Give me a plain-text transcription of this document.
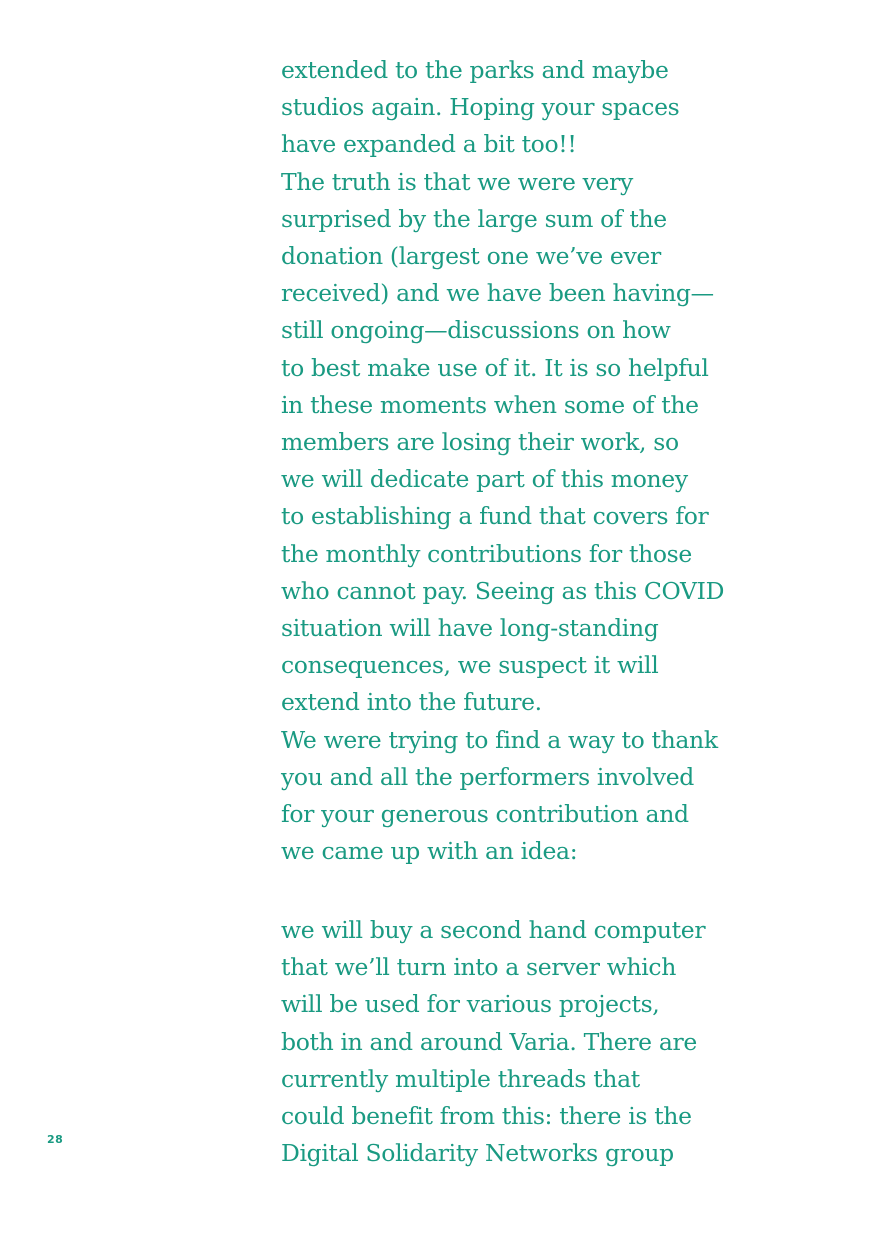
extended to the parks and maybe
studios again. Hoping your spaces
have expanded a bit too!!
The truth is that we were very
surprised by the large sum of the
donation (largest one we’ve ever
received) and we have been having—
still ongoing—discussions on how
to best make use of it. It is so helpful
in these moments when some of the
members are losing their work, so
we will dedicate part of this money
to establishing a fund that covers for
the monthly contributions for those
who cannot pay. Seeing as this COVID
situation will have long-standing
consequences, we suspect it will
extend into the future.
We were trying to find a way to thank
you and all the performers involved
for your generous contribution and
we came up with an idea:
we will buy a second hand computer
that we’ll turn into a server which
will be used for various projects,
both in and around Varia. There are
currently multiple threads that
could benefit from this: there is the
Digital Solidarity Networks group
28
